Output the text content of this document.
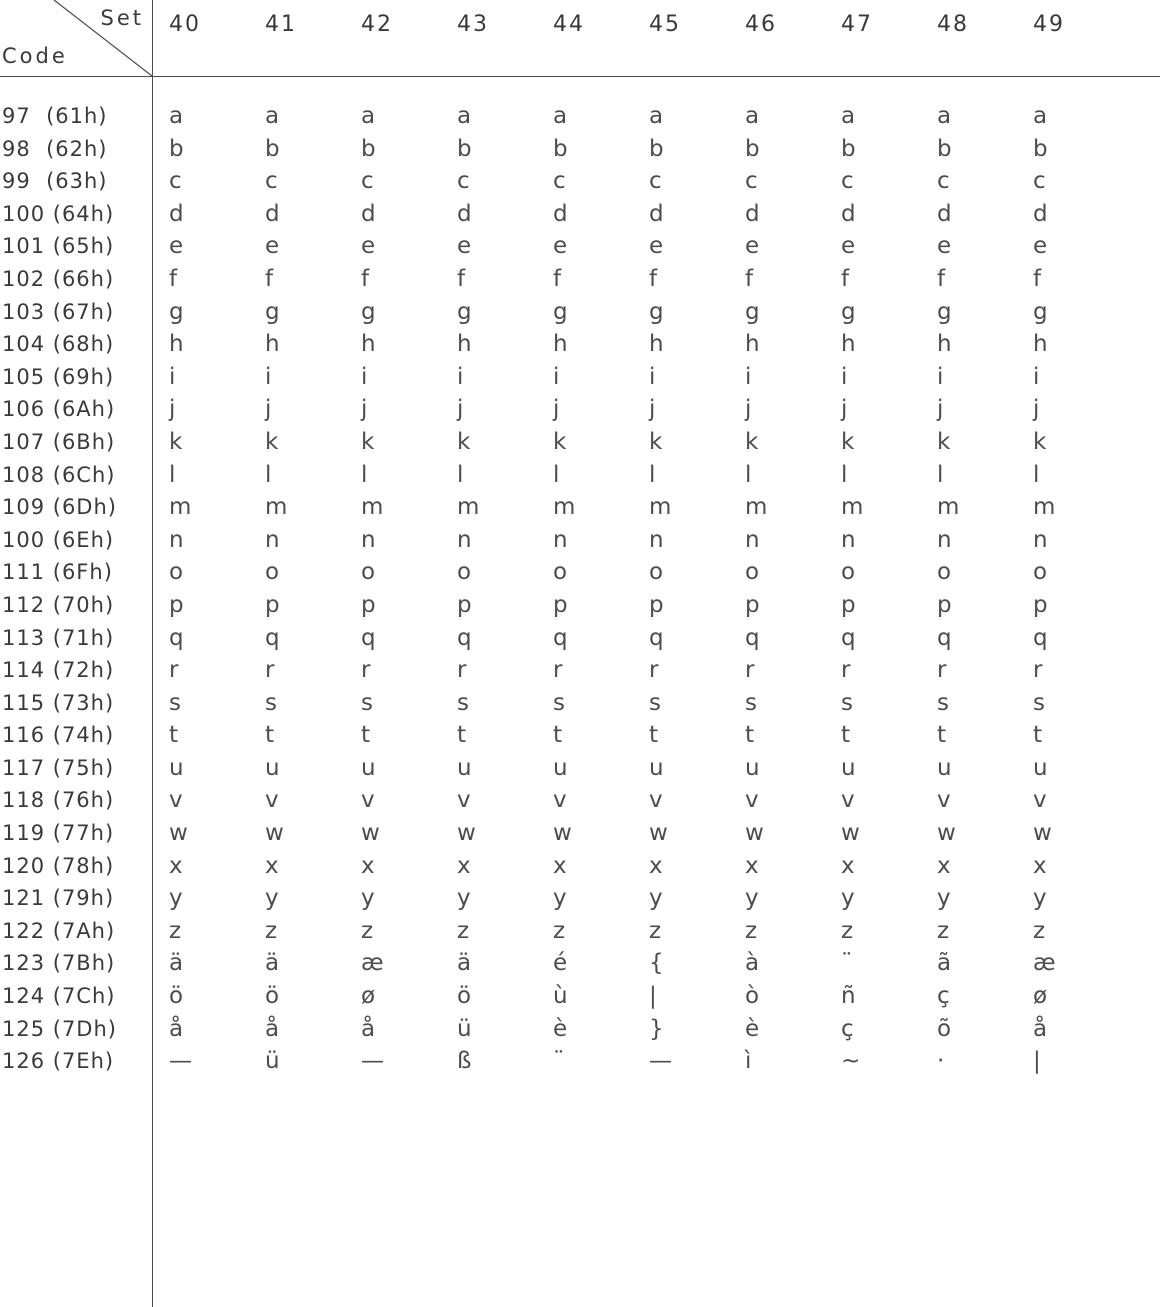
Set
Code
40	41	42	43	44	45	46	47	48	49
97  (61h)	a	a	a	a	a	a	a	a	a	a
98  (62h)	b	b	b	b	b	b	b	b	b	b
99  (63h)	c	c	c	c	c	c	c	c	c	c
100 (64h)	d	d	d	d	d	d	d	d	d	d
101 (65h)	e	e	e	e	e	e	e	e	e	e
102 (66h)	f	f	f	f	f	f	f	f	f	f
103 (67h)	g	g	g	g	g	g	g	g	g	g
104 (68h)	h	h	h	h	h	h	h	h	h	h
105 (69h)	i	i	i	i	i	i	i	i	i	i
106 (6Ah)	j	j	j	j	j	j	j	j	j	j
107 (6Bh)	k	k	k	k	k	k	k	k	k	k
108 (6Ch)	l	l	l	l	l	l	l	l	l	l
109 (6Dh)	m	m	m	m	m	m	m	m	m	m
100 (6Eh)	n	n	n	n	n	n	n	n	n	n
111 (6Fh)	o	o	o	o	o	o	o	o	o	o
112 (70h)	p	p	p	p	p	p	p	p	p	p
113 (71h)	q	q	q	q	q	q	q	q	q	q
114 (72h)	r	r	r	r	r	r	r	r	r	r
115 (73h)	s	s	s	s	s	s	s	s	s	s
116 (74h)	t	t	t	t	t	t	t	t	t	t
117 (75h)	u	u	u	u	u	u	u	u	u	u
118 (76h)	v	v	v	v	v	v	v	v	v	v
119 (77h)	w	w	w	w	w	w	w	w	w	w
120 (78h)	x	x	x	x	x	x	x	x	x	x
121 (79h)	y	y	y	y	y	y	y	y	y	y
122 (7Ah)	z	z	z	z	z	z	z	z	z	z
123 (7Bh)	ä	ä	æ	ä	é	{	à	¨	ã	æ
124 (7Ch)	ö	ö	ø	ö	ù	|	ò	ñ	ç	ø
125 (7Dh)	å	å	å	ü	è	}	è	ç	õ	å
126 (7Eh)	—	ü	—	ß	¨	—	ì	~	·	|
